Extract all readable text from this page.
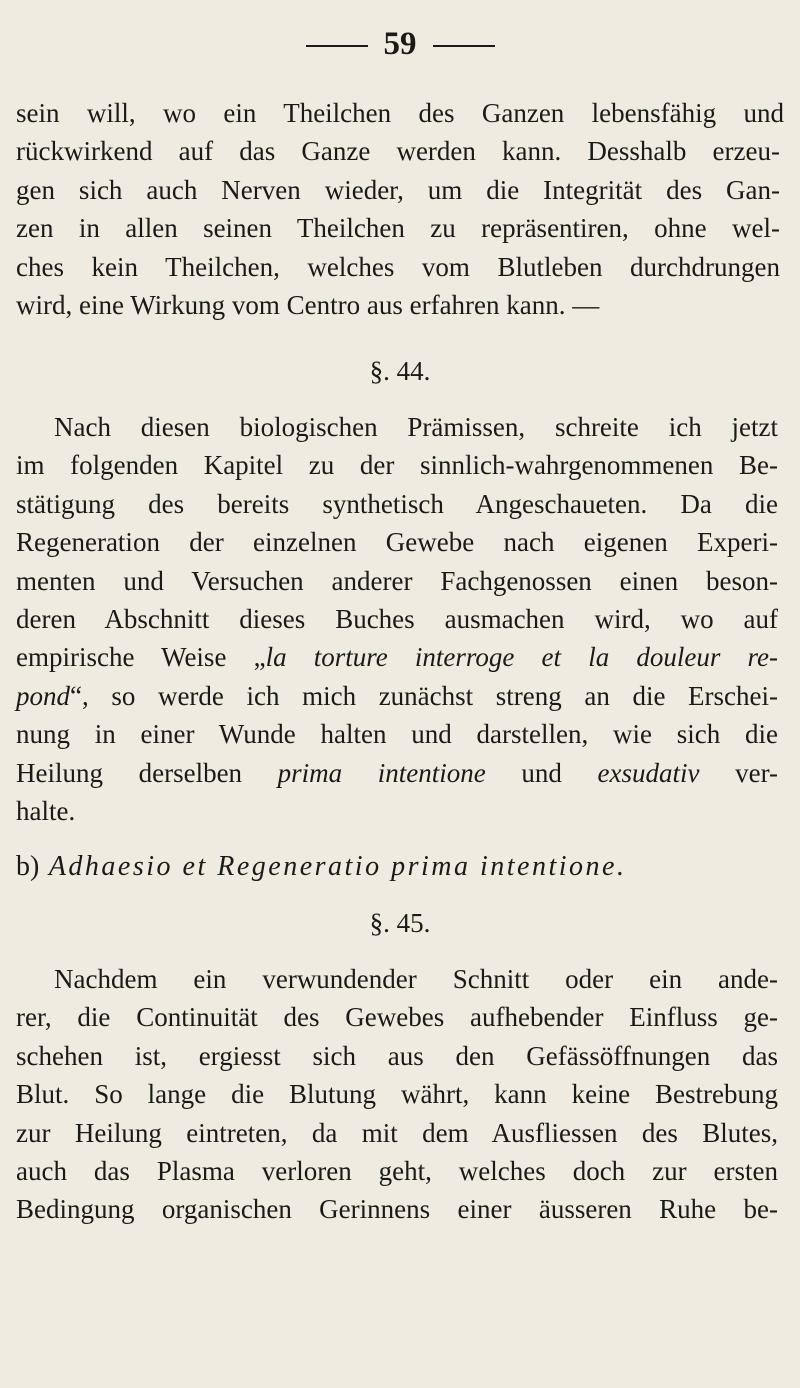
59

sein will, wo ein Theilchen des Ganzen lebensfähig und

rückwirkend auf das Ganze werden kann. Desshalb erzeu-

gen sich auch Nerven wieder, um die Integrität des Gan-

zen in allen seinen Theilchen zu repräsentiren, ohne wel-

ches kein Theilchen, welches vom Blutleben durchdrungen

wird, eine Wirkung vom Centro aus erfahren kann. —

§. 44.

Nach diesen biologischen Prämissen, schreite ich jetzt

im folgenden Kapitel zu der sinnlich-wahrgenommenen Be-

stätigung des bereits synthetisch Angeschaueten. Da die

Regeneration der einzelnen Gewebe nach eigenen Experi-

menten und Versuchen anderer Fachgenossen einen beson-

deren Abschnitt dieses Buches ausmachen wird, wo auf

empirische Weise „la torture interroge et la douleur re-

pond“, so werde ich mich zunächst streng an die Erschei-

nung in einer Wunde halten und darstellen, wie sich die

Heilung derselben prima intentione und exsudativ ver-

halte.

b) Adhaesio et Regeneratio prima intentione.
§. 45.

Nachdem ein verwundender Schnitt oder ein ande-

rer, die Continuität des Gewebes aufhebender Einfluss ge-

schehen ist, ergiesst sich aus den Gefässöffnungen das

Blut. So lange die Blutung währt, kann keine Bestrebung

zur Heilung eintreten, da mit dem Ausfliessen des Blutes,

auch das Plasma verloren geht, welches doch zur ersten

Bedingung organischen Gerinnens einer äusseren Ruhe be-
